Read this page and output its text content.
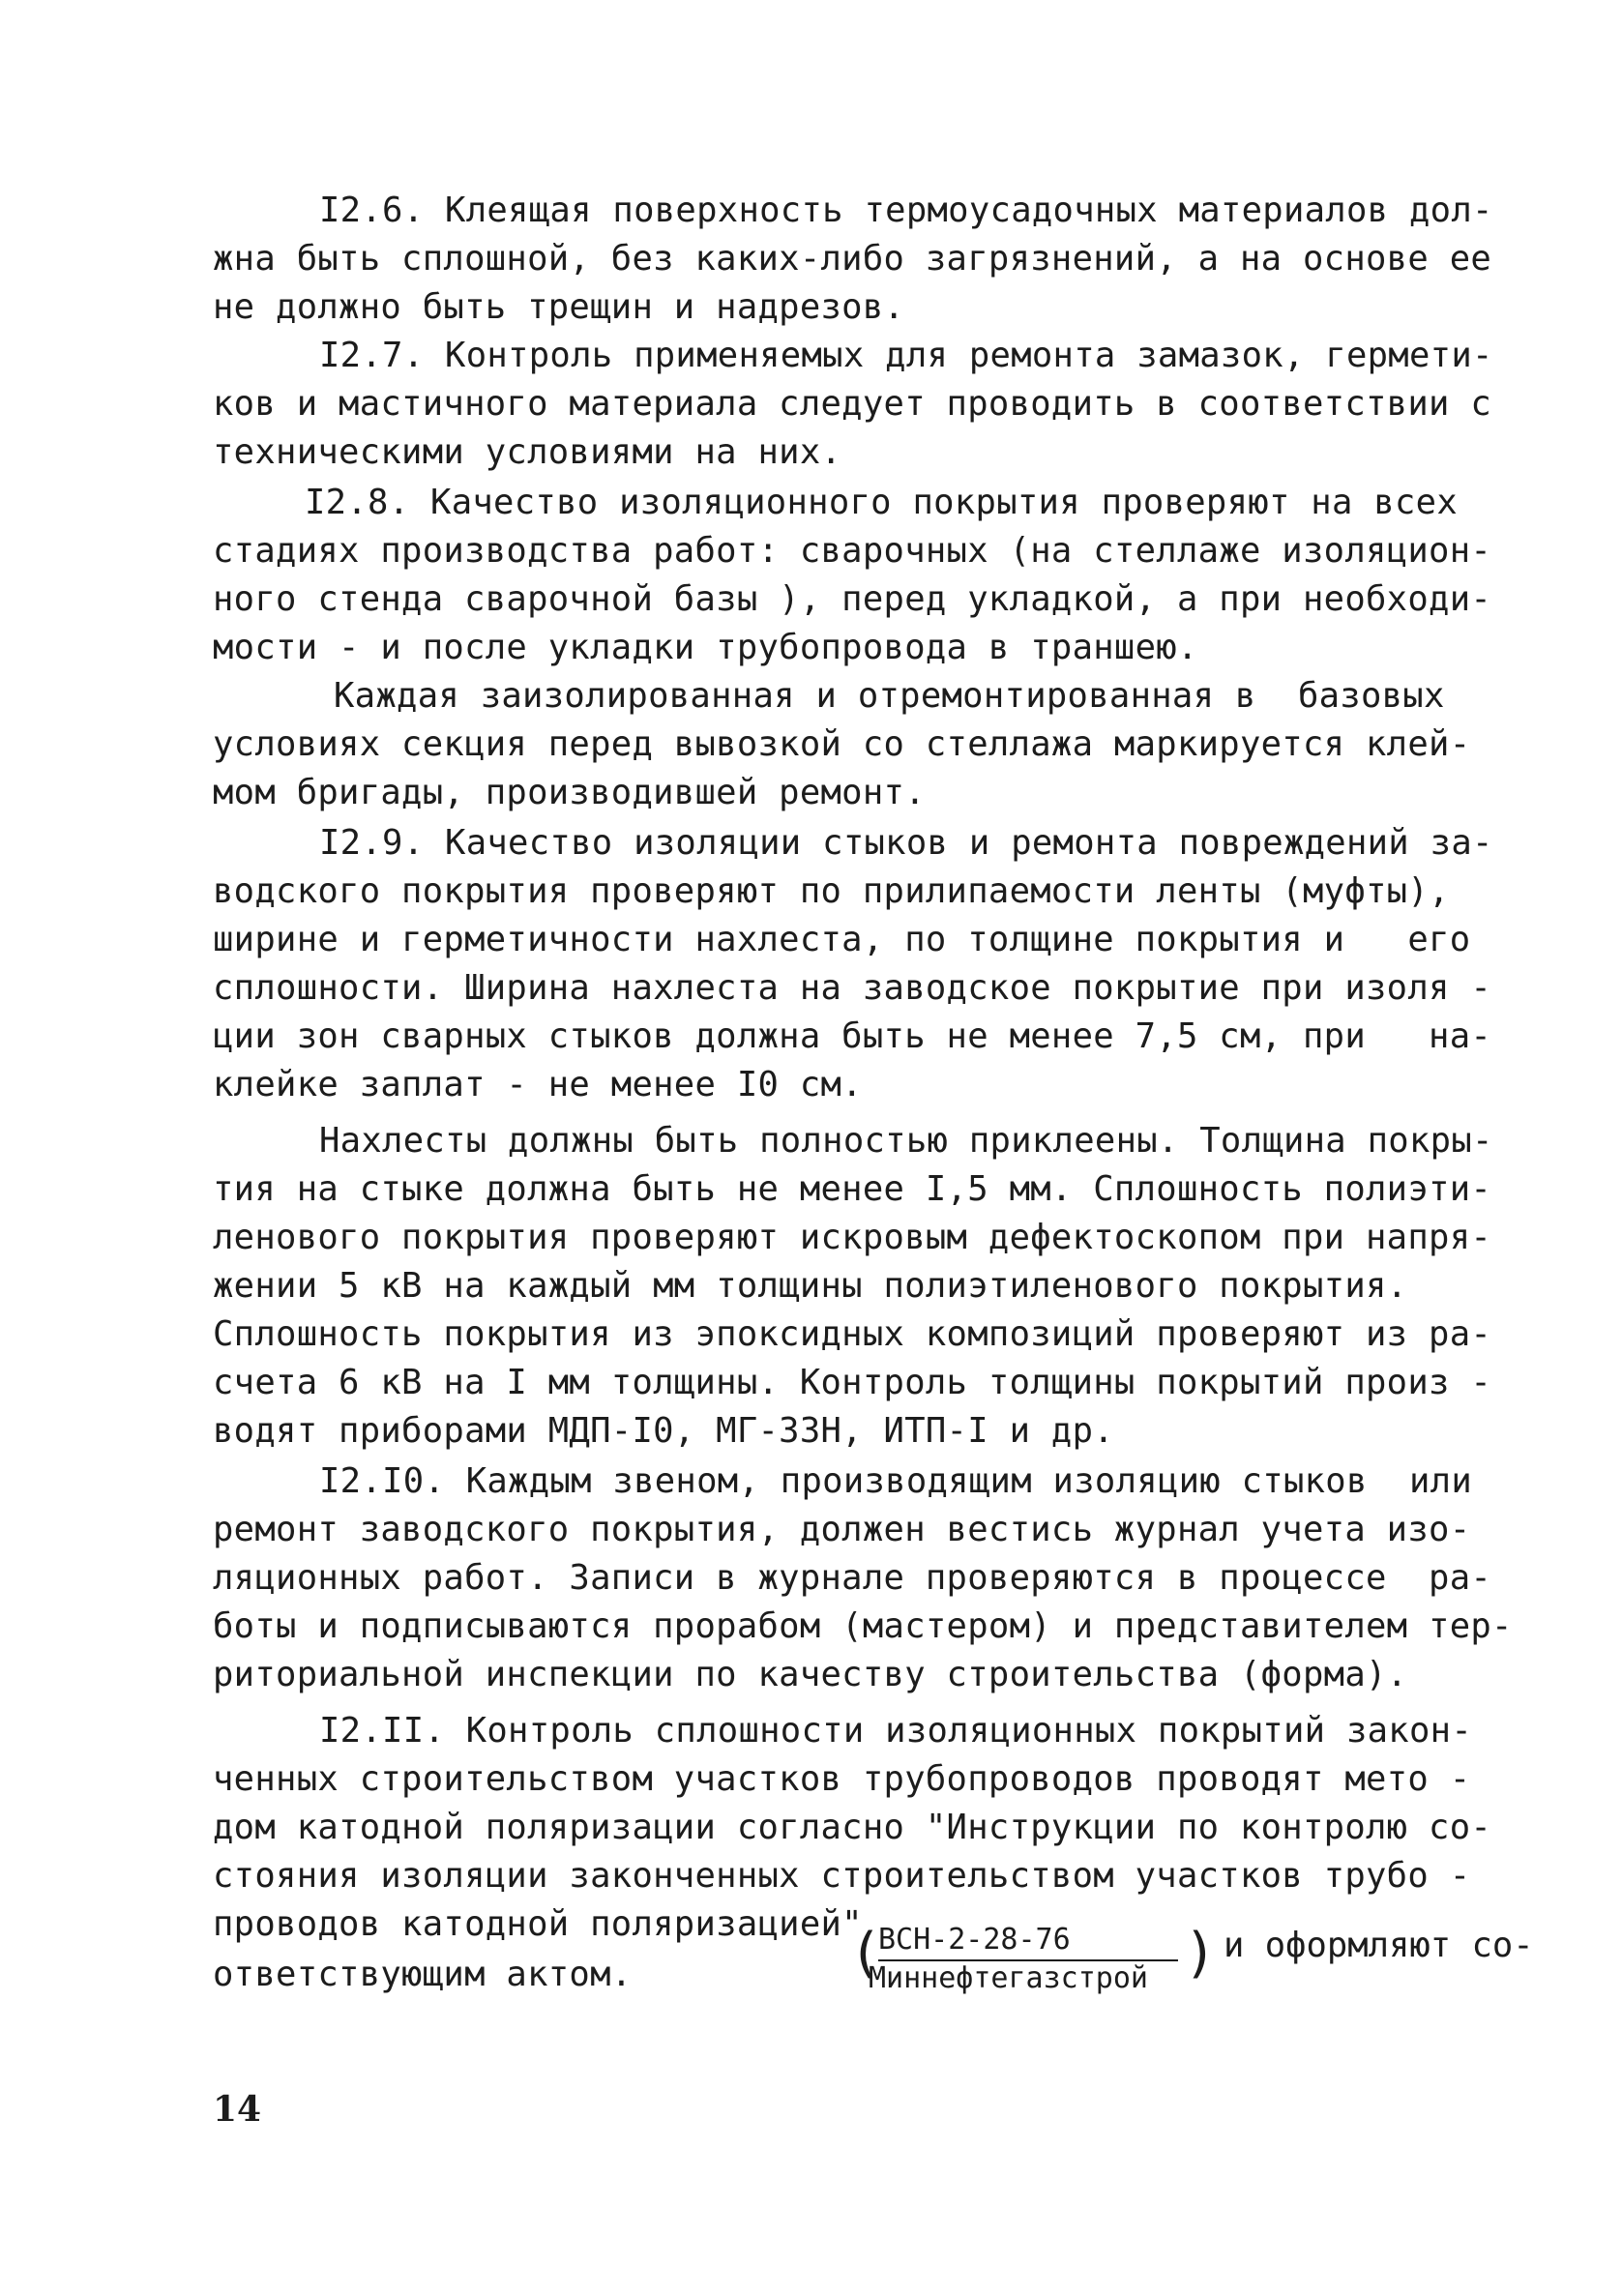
I2.6. Клеящая поверхность термоусадочных материалов дол-
жна быть сплошной, без каких-либо загрязнений, а на основе ее
не должно быть трещин и надрезов.
I2.7. Контроль применяемых для ремонта замазок, гермети-
ков и мастичного материала следует проводить в соответствии с
техническими условиями на них.
I2.8. Качество изоляционного покрытия проверяют на всех
стадиях производства работ: сварочных (на стеллаже изоляцион-
ного стенда сварочной базы ), перед укладкой, а при необходи-
мости - и после укладки трубопровода в траншею.
Каждая заизолированная и отремонтированная в  базовых
условиях секция перед вывозкой со стеллажа маркируется клей-
мом бригады, производившей ремонт.
I2.9. Качество изоляции стыков и ремонта повреждений за-
водского покрытия проверяют по прилипаемости ленты (муфты),
ширине и герметичности нахлеста, по толщине покрытия и   его
сплошности. Ширина нахлеста на заводское покрытие при изоля -
ции зон сварных стыков должна быть не менее 7,5 см, при   на-
клейке заплат - не менее I0 см.
Нахлесты должны быть полностью приклеены. Толщина покры-
тия на стыке должна быть не менее I,5 мм. Сплошность полиэти-
ленового покрытия проверяют искровым дефектоскопом при напря-
жении 5 кВ на каждый мм толщины полиэтиленового покрытия.
Сплошность покрытия из эпоксидных композиций проверяют из ра-
счета 6 кВ на I мм толщины. Контроль толщины покрытий произ -
водят приборами МДП-I0, МГ-33Н, ИТП-I и др.
I2.I0. Каждым звеном, производящим изоляцию стыков  или
ремонт заводского покрытия, должен вестись журнал учета изо-
ляционных работ. Записи в журнале проверяются в процессе  ра-
боты и подписываются прорабом (мастером) и представителем тер-
риториальной инспекции по качеству строительства (форма).
I2.II. Контроль сплошности изоляционных покрытий закон-
ченных строительством участков трубопроводов проводят мето -
дом катодной поляризации согласно "Инструкции по контролю со-
стояния изоляции законченных строительством участков трубо -
проводов катодной поляризацией"
ответствующим актом.	(
ВСН-2-28-76
Миннефтегазстрой ) и оформляют со-
14
